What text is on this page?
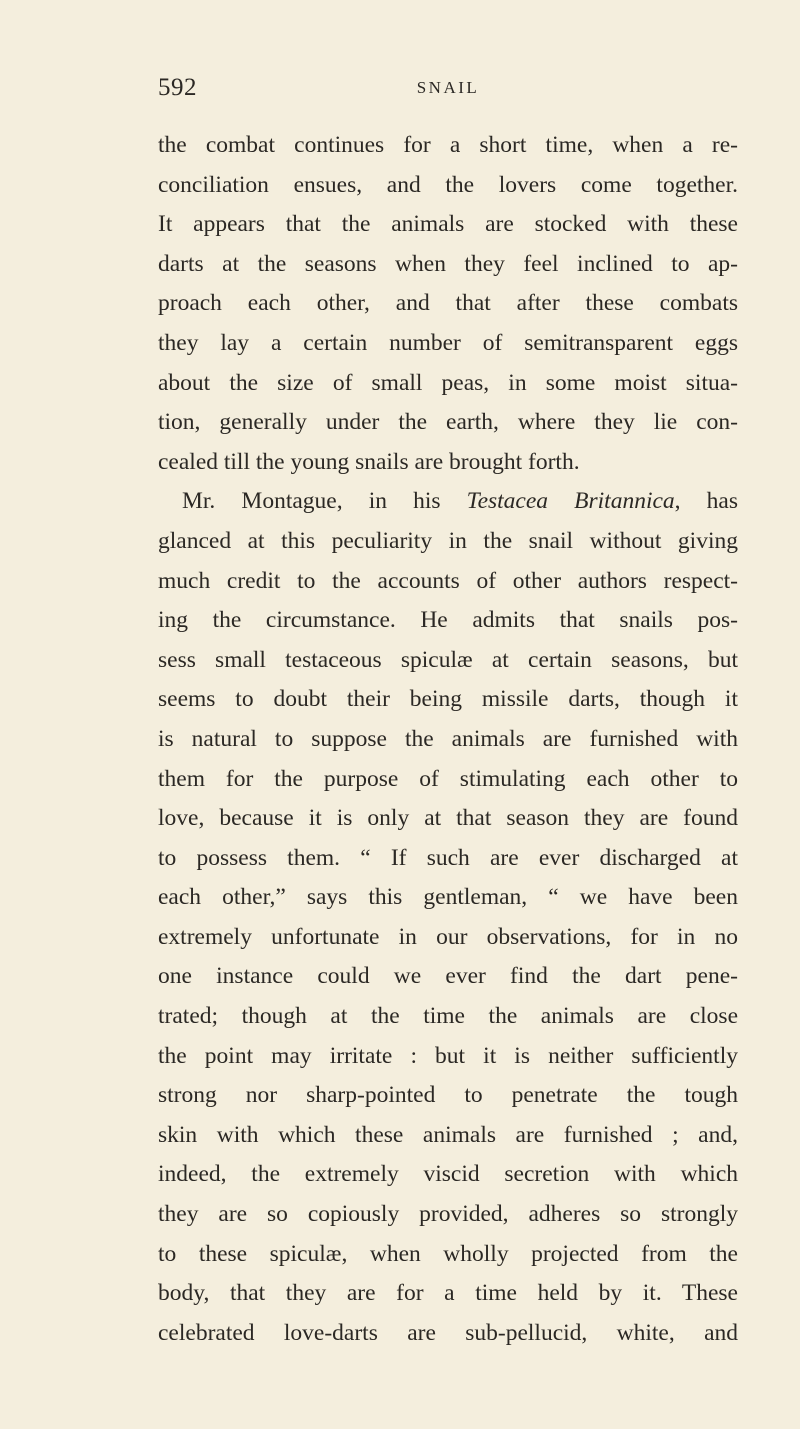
592	SNAIL
the combat continues for a short time, when a re-
conciliation ensues, and the lovers come together.
It appears that the animals are stocked with these
darts at the seasons when they feel inclined to ap-
proach each other, and that after these combats
they lay a certain number of semitransparent eggs
about the size of small peas, in some moist situa-
tion, generally under the earth, where they lie con-
cealed till the young snails are brought forth.
Mr. Montague, in his Testacea Britannica, has
glanced at this peculiarity in the snail without giving
much credit to the accounts of other authors respect-
ing the circumstance. He admits that snails pos-
sess small testaceous spiculæ at certain seasons, but
seems to doubt their being missile darts, though it
is natural to suppose the animals are furnished with
them for the purpose of stimulating each other to
love, because it is only at that season they are found
to possess them. “ If such are ever discharged at
each other,” says this gentleman, “ we have been
extremely unfortunate in our observations, for in no
one instance could we ever find the dart pene-
trated; though at the time the animals are close
the point may irritate : but it is neither sufficiently
strong nor sharp-pointed to penetrate the tough
skin with which these animals are furnished ; and,
indeed, the extremely viscid secretion with which
they are so copiously provided, adheres so strongly
to these spiculæ, when wholly projected from the
body, that they are for a time held by it. These
celebrated love-darts are sub-pellucid, white, and
